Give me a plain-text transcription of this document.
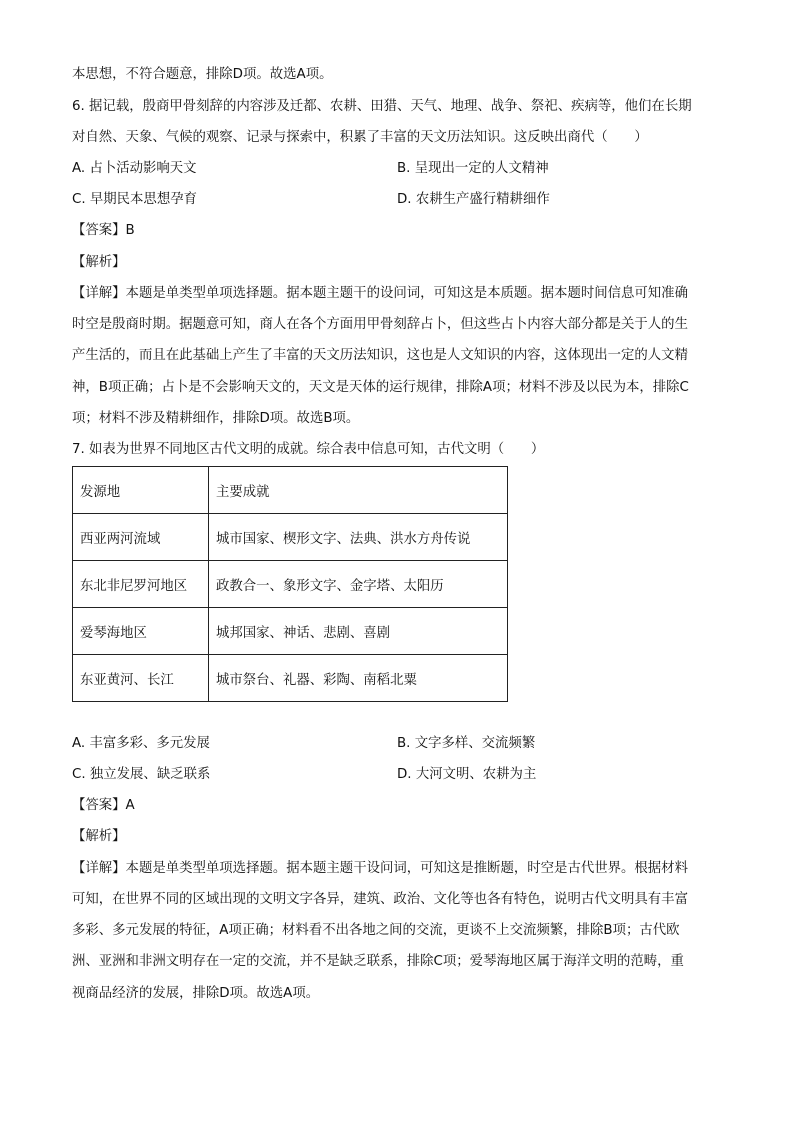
本思想，不符合题意，排除D项。故选A项。
6. 据记载，殷商甲骨刻辞的内容涉及迁都、农耕、田猎、天气、地理、战争、祭祀、疾病等，他们在长期
对自然、天象、气候的观察、记录与探索中，积累了丰富的天文历法知识。这反映出商代（　　）
A. 占卜活动影响天文	B. 呈现出一定的人文精神
C. 早期民本思想孕育	D. 农耕生产盛行精耕细作
【答案】B
【解析】
【详解】本题是单类型单项选择题。据本题主题干的设问词，可知这是本质题。据本题时间信息可知准确
时空是殷商时期。据题意可知，商人在各个方面用甲骨刻辞占卜，但这些占卜内容大部分都是关于人的生
产生活的，而且在此基础上产生了丰富的天文历法知识，这也是人文知识的内容，这体现出一定的人文精
神，B项正确；占卜是不会影响天文的，天文是天体的运行规律，排除A项；材料不涉及以民为本，排除C
项；材料不涉及精耕细作，排除D项。故选B项。
7. 如表为世界不同地区古代文明的成就。综合表中信息可知，古代文明（　　）
发源地	主要成就
西亚两河流域	城市国家、楔形文字、法典、洪水方舟传说
东北非尼罗河地区	政教合一、象形文字、金字塔、太阳历
爱琴海地区	城邦国家、神话、悲剧、喜剧
东亚黄河、长江	城市祭台、礼器、彩陶、南稻北粟
A. 丰富多彩、多元发展	B. 文字多样、交流频繁
C. 独立发展、缺乏联系	D. 大河文明、农耕为主
【答案】A
【解析】
【详解】本题是单类型单项选择题。据本题主题干设问词，可知这是推断题，时空是古代世界。根据材料
可知，在世界不同的区域出现的文明文字各异，建筑、政治、文化等也各有特色，说明古代文明具有丰富
多彩、多元发展的特征，A项正确；材料看不出各地之间的交流，更谈不上交流频繁，排除B项；古代欧
洲、亚洲和非洲文明存在一定的交流，并不是缺乏联系，排除C项；爱琴海地区属于海洋文明的范畴，重
视商品经济的发展，排除D项。故选A项。
